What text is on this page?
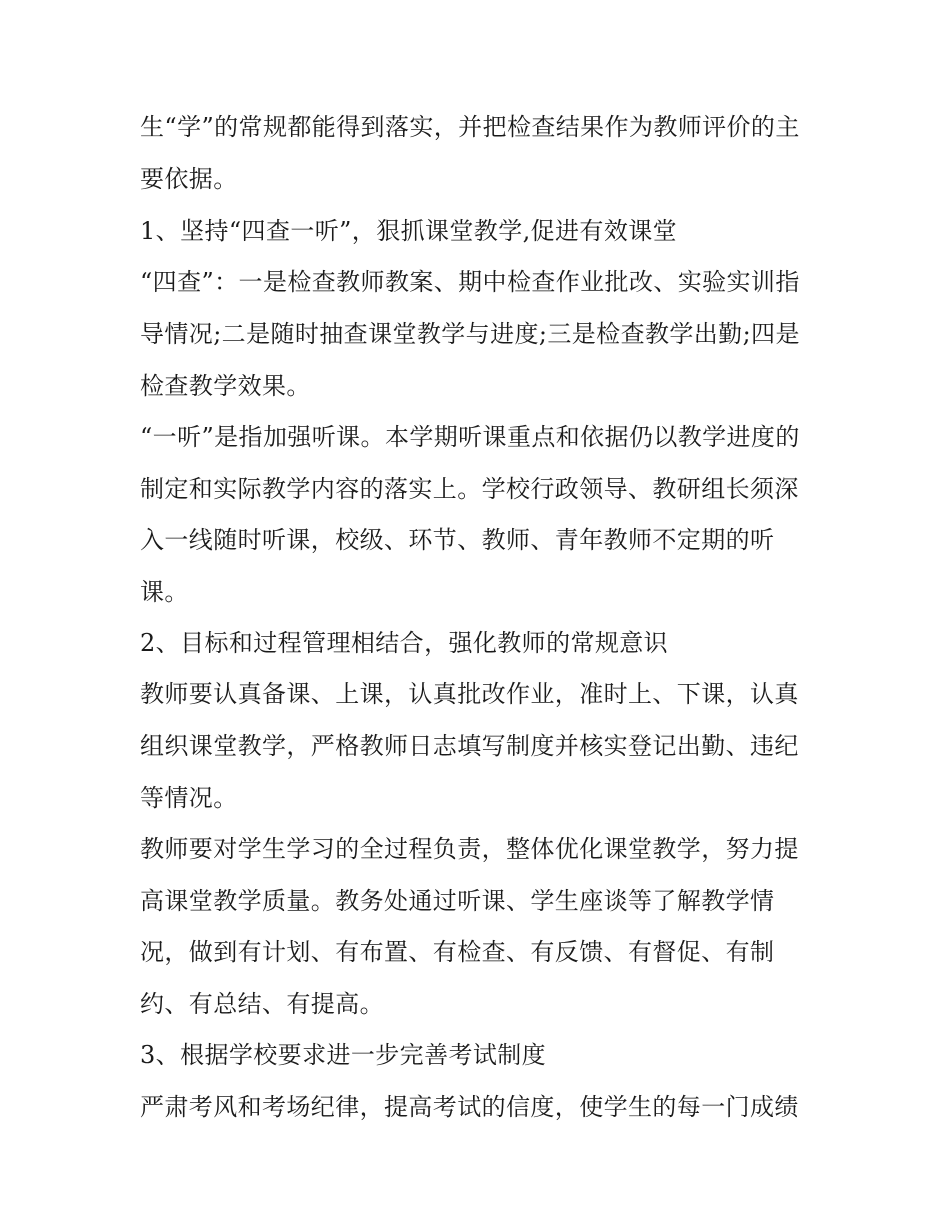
生“学”的常规都能得到落实，并把检查结果作为教师评价的主
要依据。
1、坚持“四查一听”，狠抓课堂教学,促进有效课堂
“四查”：一是检查教师教案、期中检查作业批改、实验实训指
导情况;二是随时抽查课堂教学与进度;三是检查教学出勤;四是
检查教学效果。
“一听”是指加强听课。本学期听课重点和依据仍以教学进度的
制定和实际教学内容的落实上。学校行政领导、教研组长须深
入一线随时听课，校级、环节、教师、青年教师不定期的听
课。
2、目标和过程管理相结合，强化教师的常规意识
教师要认真备课、上课，认真批改作业，准时上、下课，认真
组织课堂教学，严格教师日志填写制度并核实登记出勤、违纪
等情况。
教师要对学生学习的全过程负责，整体优化课堂教学，努力提
高课堂教学质量。教务处通过听课、学生座谈等了解教学情
况，做到有计划、有布置、有检查、有反馈、有督促、有制
约、有总结、有提高。
3、根据学校要求进一步完善考试制度
严肃考风和考场纪律，提高考试的信度，使学生的每一门成绩
